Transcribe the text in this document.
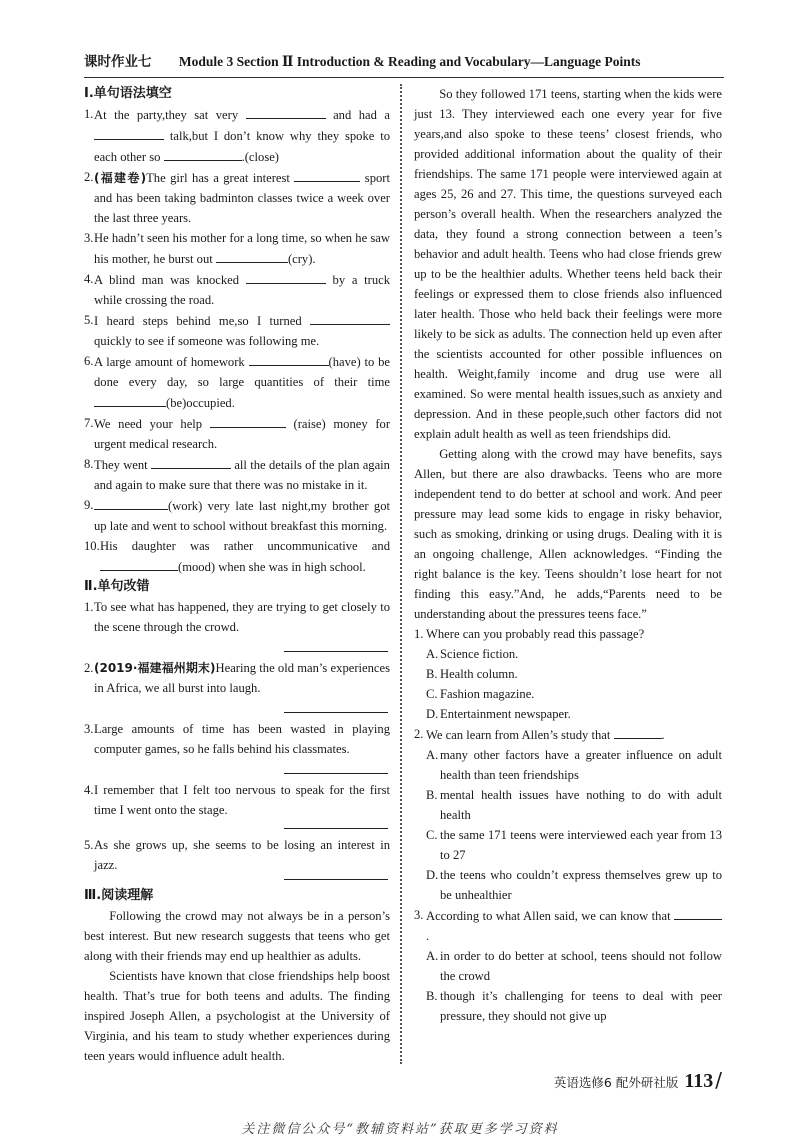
课时作业七 Module 3 Section Ⅱ Introduction & Reading and Vocabulary—Language Points
Ⅰ.单句语法填空
1. At the party,they sat very	and had a  talk,but I don’t know why they spoke to each other so	.(close)
2. (福建卷)The girl has a great interest	sport and has been taking badminton classes twice a week over the last three years.
3. He hadn’t seen his mother for a long time, so when he saw his mother, he burst out	(cry).
4. A blind man was knocked	by a truck while crossing the road.
5. I heard steps behind me,so I turned  quickly to see if someone was following me.
6. A large amount of homework	(have) to be done every day, so large quantities of their time (be)occupied.
7. We need your help	(raise) money for urgent medical research.
8. They went	all the details of the plan again and again to make sure that there was no mistake in it.
9.	(work) very late last night,my brother got up late and went to school without breakfast this morning.
10. His daughter was rather uncommunicative and (mood) when she was in high school.
Ⅱ.单句改错
1. To see what has happened, they are trying to get closely to the scene through the crowd.
2. (2019·福建福州期末)Hearing the old man’s experiences in Africa, we all burst into laugh.
3. Large amounts of time has been wasted in playing computer games, so he falls behind his classmates.
4. I remember that I felt too nervous to speak for the first time I went onto the stage.
5. As she grows up, she seems to be losing an interest in jazz.
Ⅲ.阅读理解
Following the crowd may not always be in a person’s best interest. But new research suggests that teens who get along with their friends may end up healthier as adults.
Scientists have known that close friendships help boost health. That’s true for both teens and adults. The finding inspired Joseph Allen, a psychologist at the University of Virginia, and his team to study whether experiences during teen years would influence adult health.
So they followed 171 teens, starting when the kids were just 13. They interviewed each one every year for five years,and also spoke to these teens’ closest friends, who provided additional information about the quality of their friendships. The same 171 people were interviewed again at ages 25, 26 and 27. This time, the questions surveyed each person’s overall health. When the researchers analyzed the data, they found a strong connection between a teen’s behavior and adult health. Teens who had close friends grew up to be the healthier adults. Whether teens held back their feelings or expressed them to close friends also influenced later health. Those who held back their feelings were more likely to be sick as adults. The connection held up even after the scientists accounted for other possible influences on health. Weight,family income and drug use were all examined. So were mental health issues,such as anxiety and depression. And in these people,such other factors did not explain adult health as well as teen friendships did.
Getting along with the crowd may have benefits, says Allen, but there are also drawbacks. Teens who are more independent tend to do better at school and work. And peer pressure may lead some kids to engage in risky behavior, such as smoking, drinking or using drugs. Dealing with it is an ongoing challenge, Allen acknowledges. “Finding the right balance is the key. Teens shouldn’t lose heart for not finding this easy.”And, he adds,“Parents need to be understanding about the pressures teens face.”
1. Where can you probably read this passage?
A. Science fiction.
B. Health column.
C. Fashion magazine.
D. Entertainment newspaper.
2. We can learn from Allen’s study that	.
A. many other factors have a greater influence on adult health than teen friendships
B. mental health issues have nothing to do with adult health
C. the same 171 teens were interviewed each year from 13 to 27
D. the teens who couldn’t express themselves grew up to be unhealthier
3. According to what Allen said, we can know that .
A. in order to do better at school, teens should not follow the crowd
B. though it’s challenging for teens to deal with peer pressure, they should not give up
英语选修6 配外研社版 113 /
关注微信公众号“教辅资料站”获取更多学习资料
